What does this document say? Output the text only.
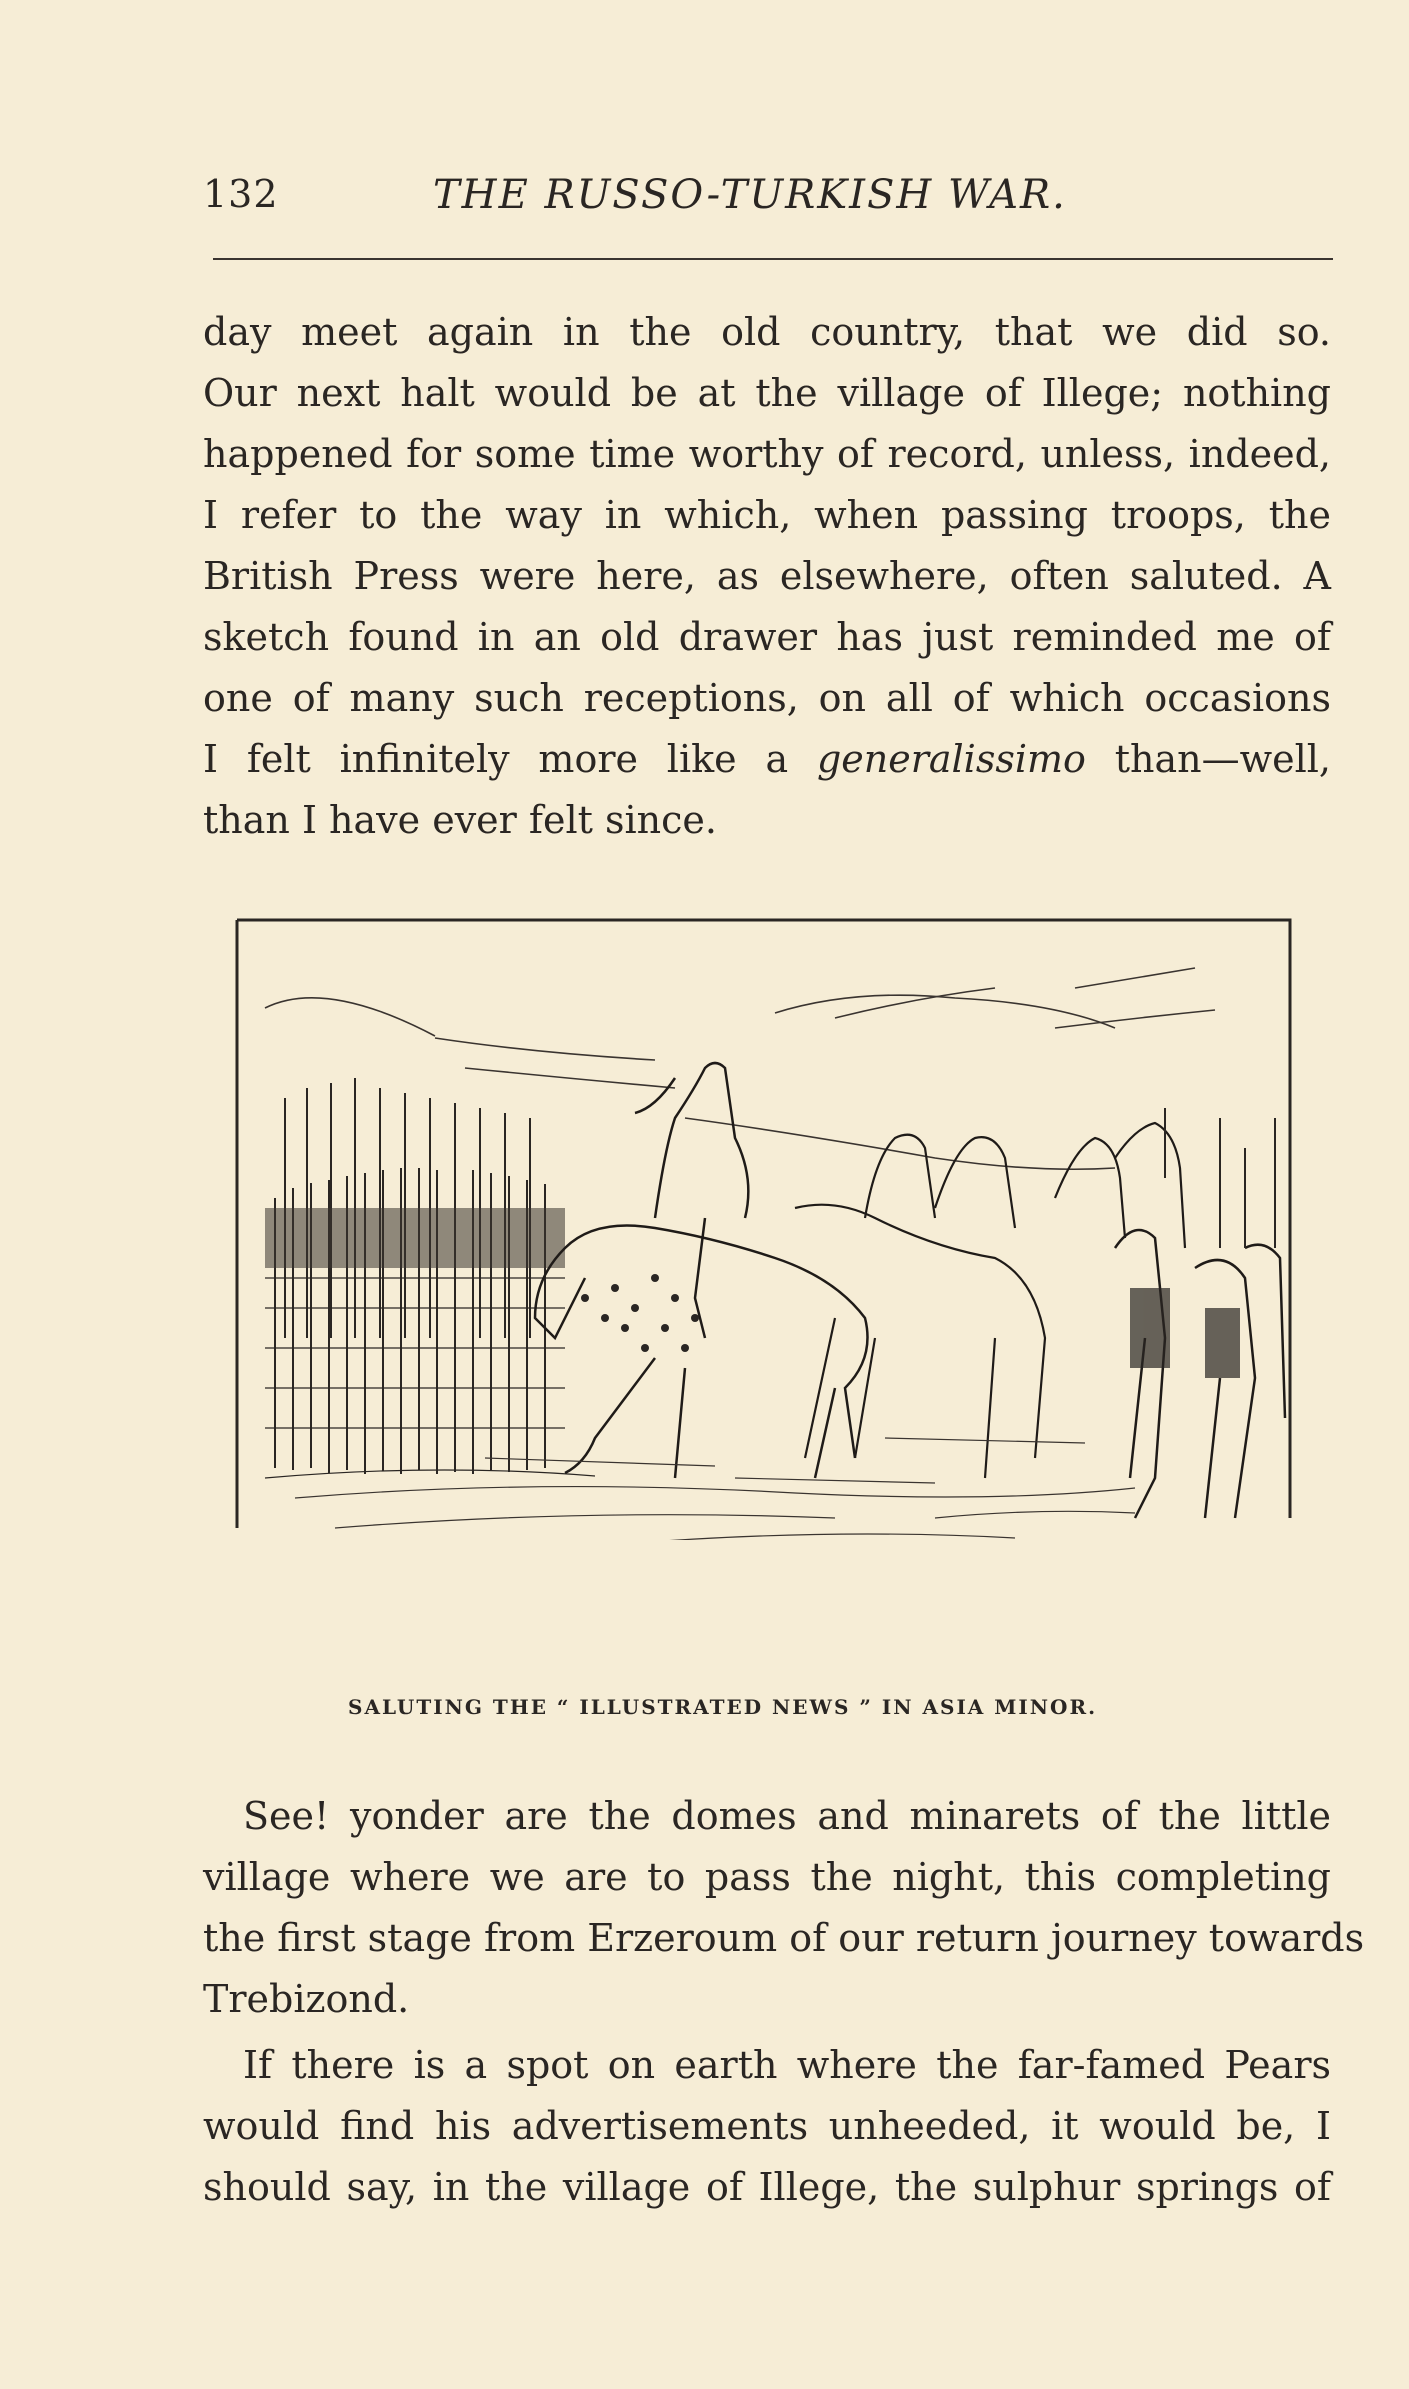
132	THE RUSSO-TURKISH WAR.
day meet again in the old country, that we did so.
Our next halt would be at the village of Illege; nothing
happened for some time worthy of record, unless, indeed,
I refer to the way in which, when passing troops, the
British Press were here, as elsewhere, often saluted. A
sketch found in an old drawer has just reminded me of
one of many such receptions, on all of which occasions
I felt infinitely more like a generalissimo than—well,
than I have ever felt since.
SALUTING THE “ ILLUSTRATED NEWS ” IN ASIA MINOR.
See! yonder are the domes and minarets of the little
village where we are to pass the night, this completing
the first stage from Erzeroum of our return journey towards
Trebizond.
If there is a spot on earth where the far-famed Pears
would find his advertisements unheeded, it would be, I
should say, in the village of Illege, the sulphur springs of
